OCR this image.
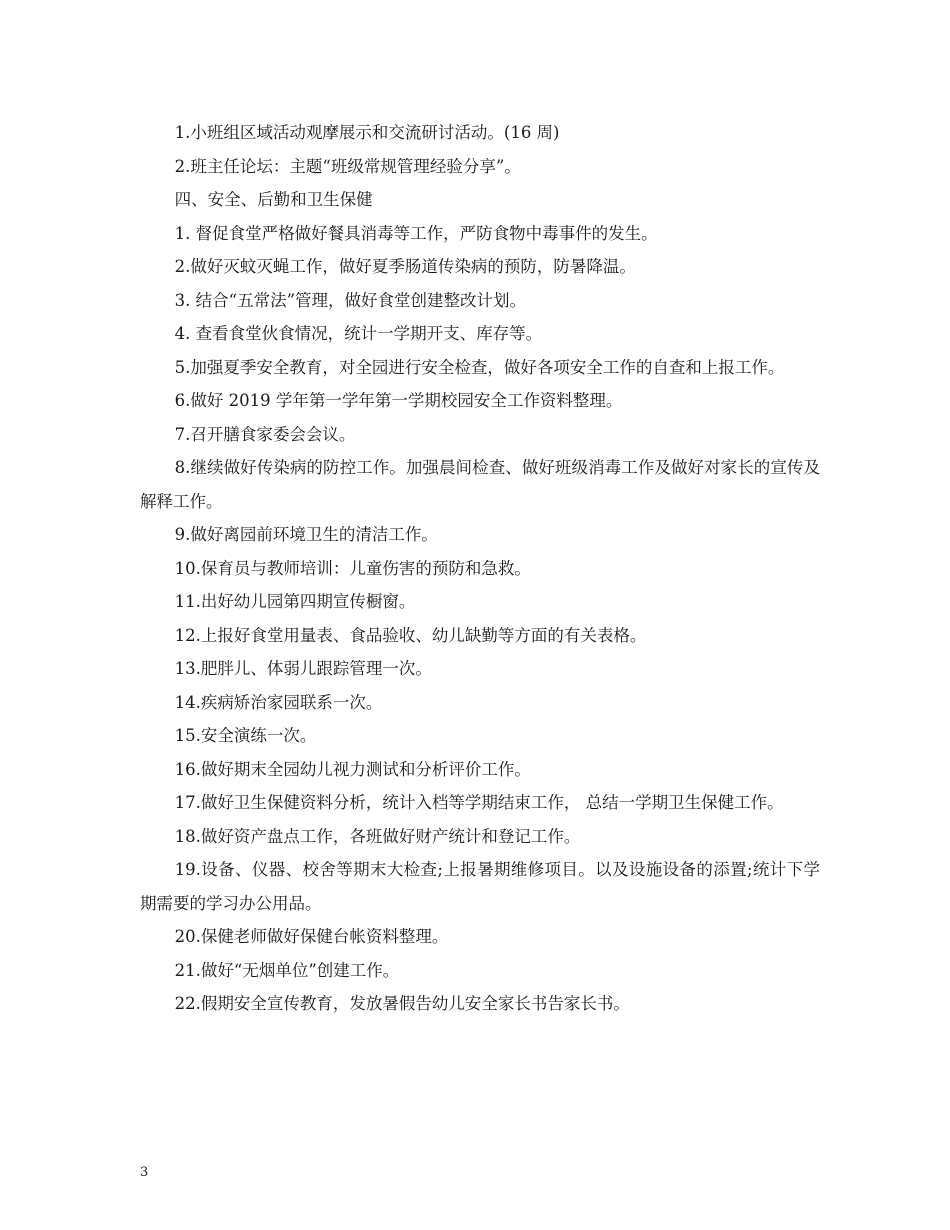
1.小班组区域活动观摩展示和交流研讨活动。(16 周)

2.班主任论坛：主题“班级常规管理经验分享”。

四、安全、后勤和卫生保健

1. 督促食堂严格做好餐具消毒等工作，严防食物中毒事件的发生。

2.做好灭蚊灭蝇工作，做好夏季肠道传染病的预防，防暑降温。

3. 结合“五常法”管理，做好食堂创建整改计划。

4. 查看食堂伙食情况，统计一学期开支、库存等。

5.加强夏季安全教育，对全园进行安全检查，做好各项安全工作的自查和上报工作。

6.做好 2019 学年第一学年第一学期校园安全工作资料整理。

7.召开膳食家委会会议。

8.继续做好传染病的防控工作。加强晨间检查、做好班级消毒工作及做好对家长的宣传及解释工作。

9.做好离园前环境卫生的清洁工作。

10.保育员与教师培训：儿童伤害的预防和急救。

11.出好幼儿园第四期宣传橱窗。

12.上报好食堂用量表、食品验收、幼儿缺勤等方面的有关表格。

13.肥胖儿、体弱儿跟踪管理一次。

14.疾病矫治家园联系一次。

15.安全演练一次。

16.做好期末全园幼儿视力测试和分析评价工作。

17.做好卫生保健资料分析，统计入档等学期结束工作， 总结一学期卫生保健工作。

18.做好资产盘点工作，各班做好财产统计和登记工作。

19.设备、仪器、校舍等期末大检查;上报暑期维修项目。以及设施设备的添置;统计下学期需要的学习办公用品。

20.保健老师做好保健台帐资料整理。

21.做好“无烟单位”创建工作。

22.假期安全宣传教育，发放暑假告幼儿安全家长书告家长书。

3
